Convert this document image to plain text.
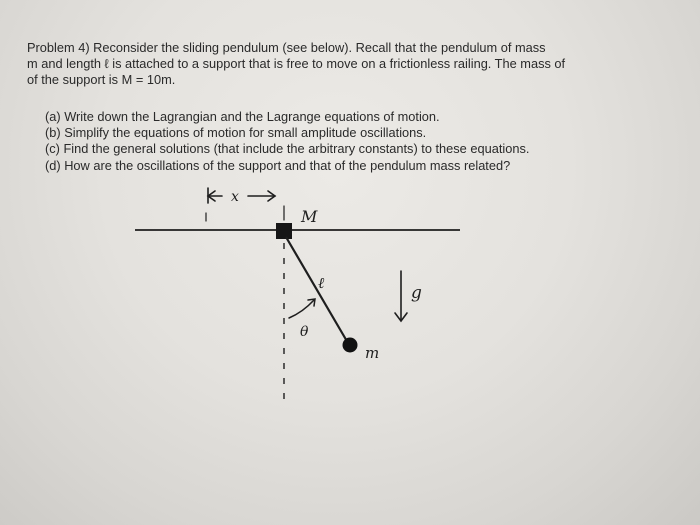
Problem 4) Reconsider the sliding pendulum (see below). Recall that the pendulum of mass
m and length ℓ is attached to a support that is free to move on a frictionless railing. The mass of
of the support is M = 10m.

(a) Write down the Lagrangian and the Lagrange equations of motion.
(b) Simplify the equations of motion for small amplitude oscillations.
(c) Find the general solutions (that include the arbitrary constants) to these equations.
(d) How are the oscillations of the support and that of the pendulum mass related?
x
M
m
ℓ
θ
g
